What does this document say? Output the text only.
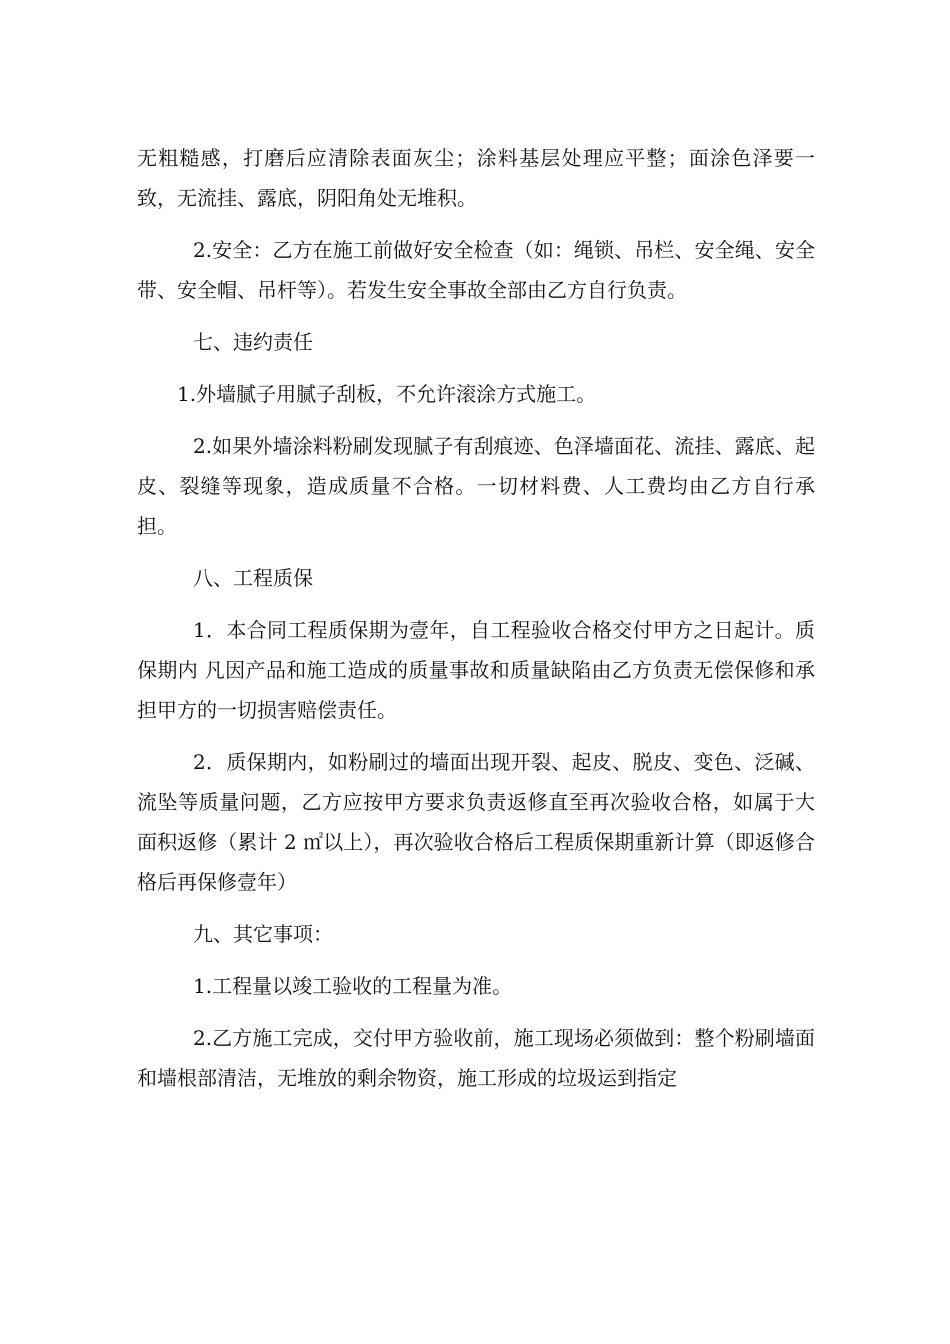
无粗糙感，打磨后应清除表面灰尘；涂料基层处理应平整；面涂色泽要一致，无流挂、露底，阴阳角处无堆积。

2.安全：乙方在施工前做好安全检查（如：绳锁、吊栏、安全绳、安全带、安全帽、吊杆等）。若发生安全事故全部由乙方自行负责。

七、违约责任

1.外墙腻子用腻子刮板，不允许滚涂方式施工。

2.如果外墙涂料粉刷发现腻子有刮痕迹、色泽墙面花、流挂、露底、起皮、裂缝等现象，造成质量不合格。一切材料费、人工费均由乙方自行承担。

八、工程质保

1．本合同工程质保期为壹年，自工程验收合格交付甲方之日起计。质保期内 凡因产品和施工造成的质量事故和质量缺陷由乙方负责无偿保修和承担甲方的一切损害赔偿责任。

2．质保期内，如粉刷过的墙面出现开裂、起皮、脱皮、变色、泛碱、流坠等质量问题，乙方应按甲方要求负责返修直至再次验收合格，如属于大面积返修（累计 2 ㎡以上），再次验收合格后工程质保期重新计算（即返修合格后再保修壹年）

九、其它事项：

1.工程量以竣工验收的工程量为准。

2.乙方施工完成，交付甲方验收前，施工现场必须做到：整个粉刷墙面和墙根部清洁，无堆放的剩余物资，施工形成的垃圾运到指定
